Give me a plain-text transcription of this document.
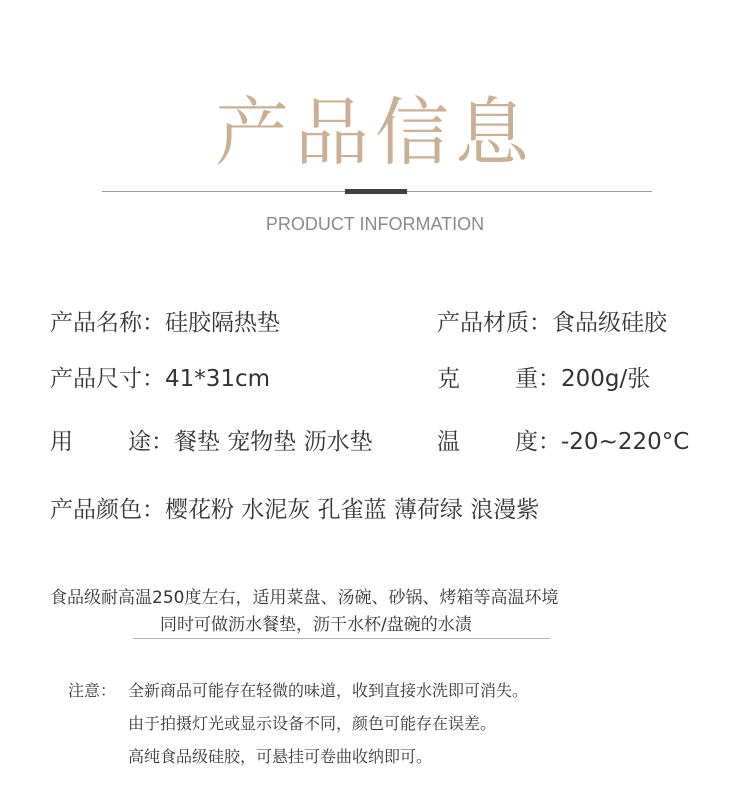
产品信息
PRODUCT INFORMATION
产品名称：硅胶隔热垫	产品材质：食品级硅胶
产品尺寸：41*31cm	克 重：200g/张
用 途：餐垫 宠物垫 沥水垫	温 度：-20~220°C
产品颜色：樱花粉 水泥灰 孔雀蓝 薄荷绿 浪漫紫
食品级耐高温250度左右，适用菜盘、汤碗、砂锅、烤箱等高温环境
同时可做沥水餐垫，沥干水杯/盘碗的水渍
注意： 全新商品可能存在轻微的味道，收到直接水洗即可消失。
由于拍摄灯光或显示设备不同，颜色可能存在误差。
高纯食品级硅胶，可悬挂可卷曲收纳即可。
